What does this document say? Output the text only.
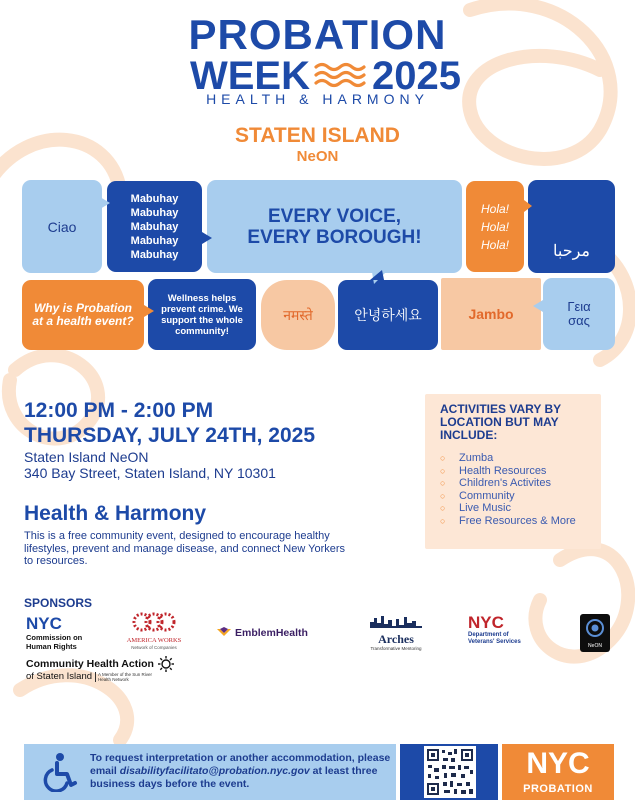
PROBATION
WEEK 2025
HEALTH & HARMONY
STATEN ISLAND
NeON
Ciao
Mabuhay
Mabuhay
Mabuhay
Mabuhay
Mabuhay
EVERY VOICE,
EVERY BOROUGH!
Hola!
Hola!
Hola!	مرحبا
Why is Probation at a health event?
Wellness helps prevent crime. We support the whole community!
नमस्ते	안녕하세요	Jambo	Γεια
σας
12:00 PM - 2:00 PM
THURSDAY, JULY 24TH, 2025
Staten Island NeON
340 Bay Street, Staten Island, NY 10301
Health & Harmony
This is a free community event, designed to encourage healthy lifestyles, prevent and manage disease, and connect New Yorkers to resources.
ACTIVITIES VARY BY LOCATION BUT MAY INCLUDE:
○ Zumba
○ Health Resources
○ Children's Activites
○ Community
○ Live Music
○ Free Resources & More
SPONSORS
NYC
Commission on
Human Rights
AMERICA WORKS
Network of Companies
EmblemHealth	Arches
Transformative Mentoring
NYC
Department of
Veterans' Services
NeON
Community Health Action
of Staten Island	A Member of the Sun River Health Network
To request interpretation or another accommodation, please email disabilityfacilitato@probation.nyc.gov at least three business days before the event.
NYC
PROBATION
